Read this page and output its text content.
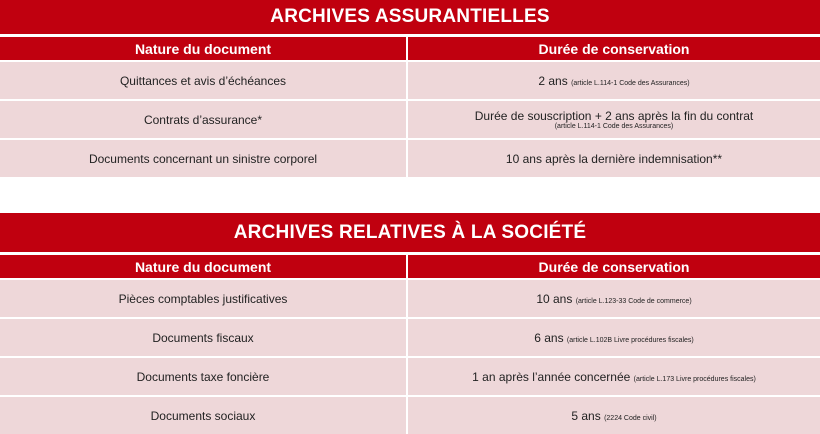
ARCHIVES ASSURANTIELLES
Nature du document	Durée de conservation
Quittances et avis d’échéances	2 ans (article L.114-1 Code des Assurances)
Contrats d’assurance*	Durée de souscription + 2 ans après la fin du contrat
(article L.114-1 Code des Assurances)
Documents concernant un sinistre corporel	10 ans après la dernière indemnisation**
ARCHIVES RELATIVES À LA SOCIÉTÉ
Nature du document	Durée de conservation
Pièces comptables justificatives	10 ans (article L.123-33 Code de commerce)
Documents fiscaux	6 ans (article L.102B Livre procédures fiscales)
Documents taxe foncière	1 an après l’année concernée (article L.173 Livre procédures fiscales)
Documents sociaux	5 ans (2224 Code civil)
